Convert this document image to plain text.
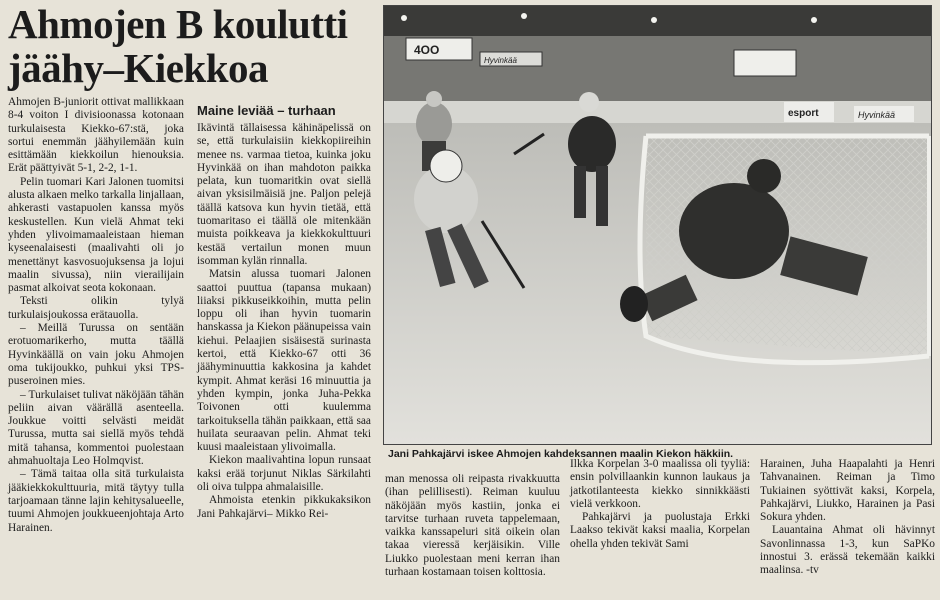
Ahmojen B koulutti jäähy–Kiekkoa

Ahmojen B-juniorit ottivat mallikkaan 8-4 voiton I divisioonassa kotonaan turkulaisesta Kiekko-67:stä, joka sortui enemmän jäähyilemään kuin esittämään kiekkoilun hienouksia. Erät päättyivät 5-1, 2-2, 1-1.

Pelin tuomari Kari Jalonen tuomitsi alusta alkaen melko tarkalla linjallaan, ahkerasti vastapuolen kanssa myös keskustellen. Kun vielä Ahmat teki yhden ylivoimamaaleistaan hieman kyseenalaisesti (maalivahti oli jo menettänyt kasvosuojuksensa ja lojui maalin sivussa), niin vierailijain pasmat alkoivat seota kokonaan.

Teksti olikin tylyä turkulaisjoukossa erätauolla.

– Meillä Turussa on sentään erotuomarikerho, mutta täällä Hyvinkäällä on vain joku Ahmojen oma tukijoukko, puhkui yksi TPS-puseroinen mies.

– Turkulaiset tulivat näköjään tähän peliin aivan väärällä asenteella. Joukkue voitti selvästi meidät Turussa, mutta sai siellä myös tehdä mitä tahansa, kommentoi puolestaan ahmahuoltaja Leo Holmqvist.

– Tämä taitaa olla sitä turkulaista jääkiekkokulttuuria, mitä täytyy tulla tarjoamaan tänne lajin kehitysalueelle, tuumi Ahmojen joukkueenjohtaja Arto Harainen.

Maine leviää – turhaan

Ikävintä tällaisessa kähinäpelissä on se, että turkulaisiin kiekkopiireihin menee ns. varmaa tietoa, kuinka joku Hyvinkää on ihan mahdoton paikka pelata, kun tuomaritkin ovat siellä aivan yksisilmäisiä jne. Paljon pelejä täällä katsova kun hyvin tietää, että tuomaritaso ei täällä ole mitenkään muista poikkeava ja kiekkokulttuuri kestää vertailun monen muun isomman kylän rinnalla.

Matsin alussa tuomari Jalonen saattoi puuttua (tapansa mukaan) liiaksi pikkuseikkoihin, mutta pelin loppu oli ihan hyvin tuomarin hanskassa ja Kiekon päänupeissa vain kiehui. Pelaajien sisäisestä surinasta kertoi, että Kiekko-67 otti 36 jäähyminuuttia kakkosina ja kahdet kympit. Ahmat keräsi 16 minuuttia ja yhden kympin, jonka Juha-Pekka Toivonen otti kuulemma tarkoituksella tähän paikkaan, että saa huilata seuraavan pelin. Ahmat teki kuusi maaleistaan ylivoimalla.

Kiekon maalivahtina lopun runsaat kaksi erää torjunut Niklas Särkilahti oli oiva tulppa ahmalaisille.

Ahmoista etenkin pikkukaksikon Jani Pahkajärvi– Mikko Rei-

4OO
Hyvinkää
esport	Hyvinkää
Jani Pahkajärvi iskee Ahmojen kahdeksannen maalin Kiekon häkkiin.

man menossa oli reipasta rivakkuutta (ihan pelillisesti). Reiman kuuluu näköjään myös kastiin, jonka ei tarvitse turhaan ruveta tappelemaan, vaikka kanssapeluri sitä oikein olan takaa vieressä kerjäisikin. Ville Liukko puolestaan meni kerran ihan turhaan kostamaan toisen kolttosia.

Ilkka Korpelan 3-0 maalissa oli tyyliä: ensin polvillaankin kunnon laukaus ja jatkotilanteesta kiekko sinnikkäästi vielä verkkoon.

Pahkajärvi ja puolustaja Erkki Laakso tekivät kaksi maalia, Korpelan ohella yhden tekivät Sami

Harainen, Juha Haapalahti ja Henri Tahvanainen. Reiman ja Timo Tukiainen syöttivät kaksi, Korpela, Pahkajärvi, Liukko, Harainen ja Pasi Sokura yhden.

Lauantaina Ahmat oli hävinnyt Savonlinnassa 1-3, kun SaPKo innostui 3. erässä tekemään kaikki maalinsa. -tv
